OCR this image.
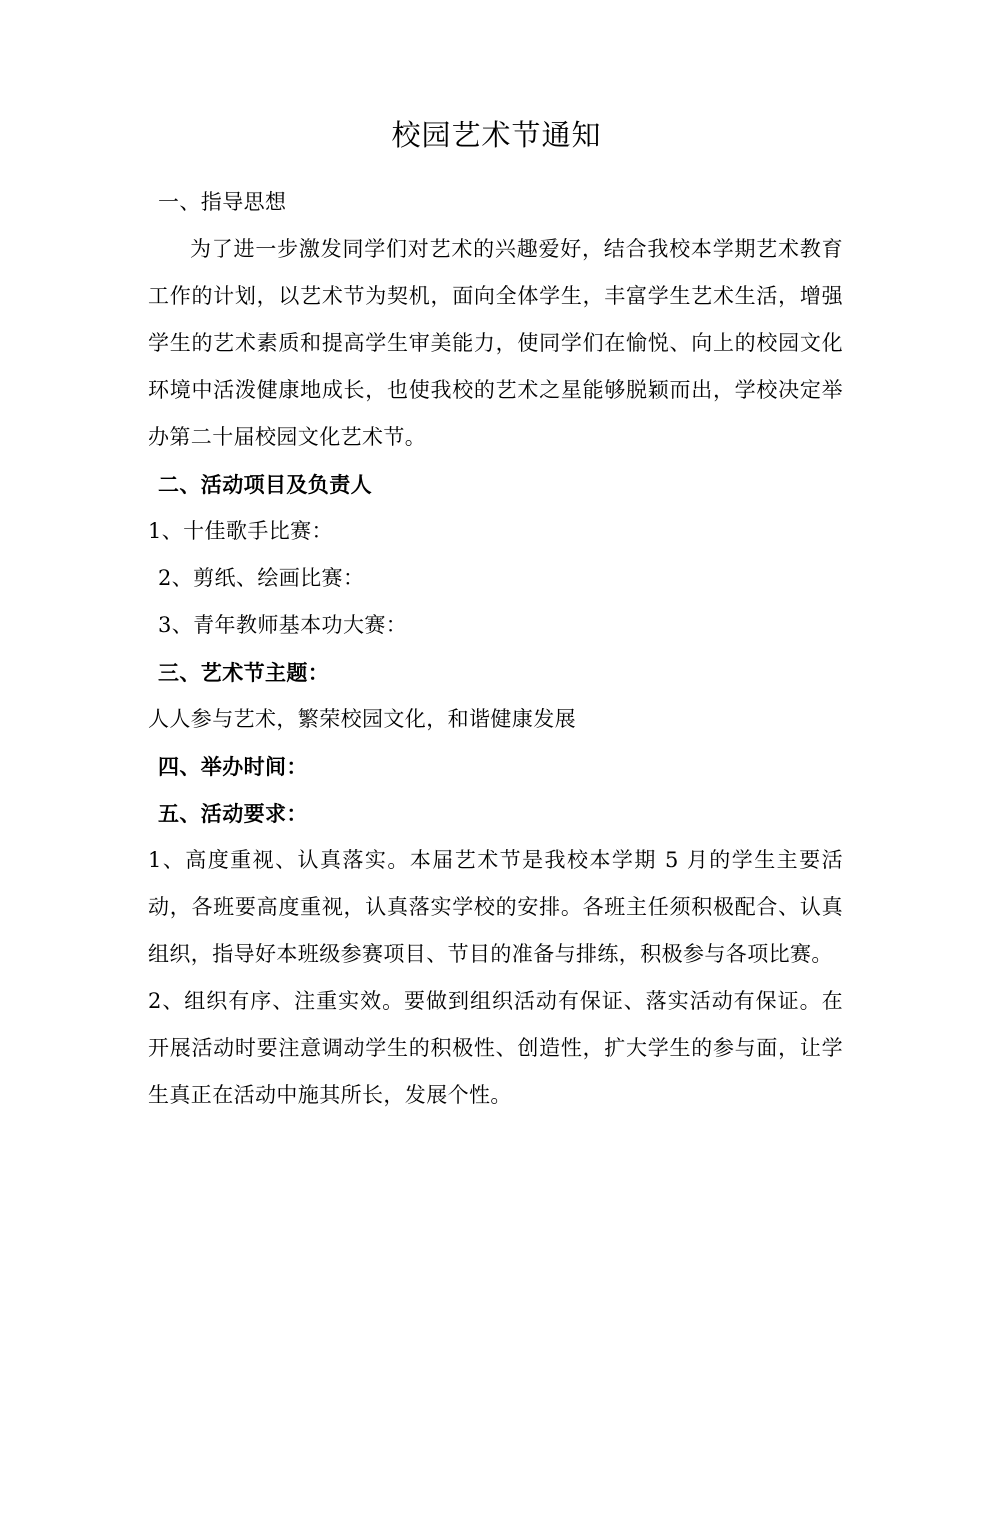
校园艺术节通知

一、指导思想

为了进一步激发同学们对艺术的兴趣爱好，结合我校本学期艺术教育工作的计划，以艺术节为契机，面向全体学生，丰富学生艺术生活，增强学生的艺术素质和提高学生审美能力，使同学们在愉悦、向上的校园文化环境中活泼健康地成长，也使我校的艺术之星能够脱颖而出，学校决定举办第二十届校园文化艺术节。

二、活动项目及负责人

1、十佳歌手比赛：

2、剪纸、绘画比赛：

3、青年教师基本功大赛：

三、艺术节主题：

人人参与艺术，繁荣校园文化，和谐健康发展

四、举办时间：

五、活动要求：

1、高度重视、认真落实。本届艺术节是我校本学期 5 月的学生主要活动，各班要高度重视，认真落实学校的安排。各班主任须积极配合、认真组织，指导好本班级参赛项目、节目的准备与排练，积极参与各项比赛。

2、组织有序、注重实效。要做到组织活动有保证、落实活动有保证。在开展活动时要注意调动学生的积极性、创造性，扩大学生的参与面，让学生真正在活动中施其所长，发展个性。
